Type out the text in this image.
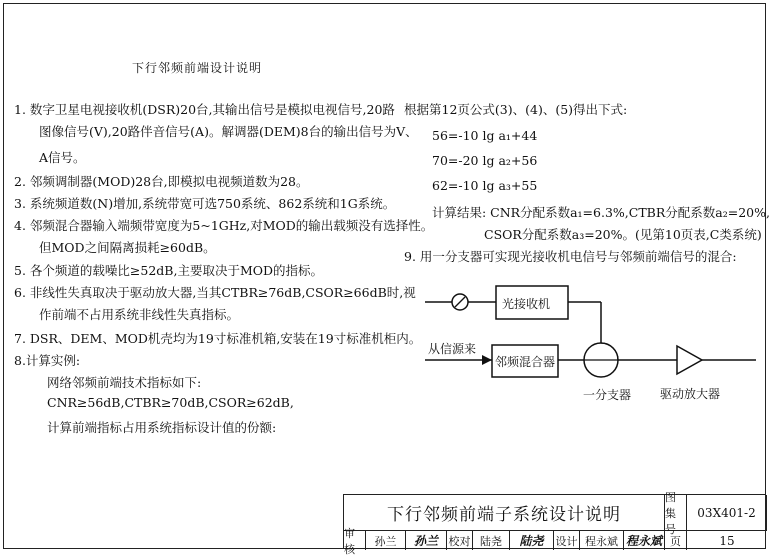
下行邻频前端设计说明
1. 数字卫星电视接收机(DSR)20台,其输出信号是模拟电视信号,20路
图像信号(V),20路伴音信号(A)。解调器(DEM)8台的输出信号为V、
A信号。
2. 邻频调制器(MOD)28台,即模拟电视频道数为28。
3. 系统频道数(N)增加,系统带宽可选750系统、862系统和1G系统。
4. 邻频混合器输入端频带宽度为5~1GHz,对MOD的输出载频没有选择性。
但MOD之间隔离损耗≥60dB。
5. 各个频道的载噪比≥52dB,主要取决于MOD的指标。
6. 非线性失真取决于驱动放大器,当其CTBR≥76dB,CSOR≥66dB时,视
作前端不占用系统非线性失真指标。
7. DSR、DEM、MOD机壳均为19寸标准机箱,安装在19寸标准机柜内。
8.计算实例:
网络邻频前端技术指标如下:
CNR≥56dB,CTBR≥70dB,CSOR≥62dB,
计算前端指标占用系统指标设计值的份额:
根据第12页公式(3)、(4)、(5)得出下式:
56=-10 lg a₁+44
70=-20 lg a₂+56
62=-10 lg a₃+55
计算结果: CNR分配系数a₁=6.3%,CTBR分配系数a₂=20%,
CSOR分配系数a₃=20%。(见第10页表,C类系统)
9. 用一分支器可实现光接收机电信号与邻频前端信号的混合:
光接收机
邻频混合器
从信源来
一分支器 驱动放大器
下行邻频前端子系统设计说明
图集号
03X401-2
审核
孙兰	孙兰 校对 陆尧	陆尧	设计 程永斌 程永斌 页	15
